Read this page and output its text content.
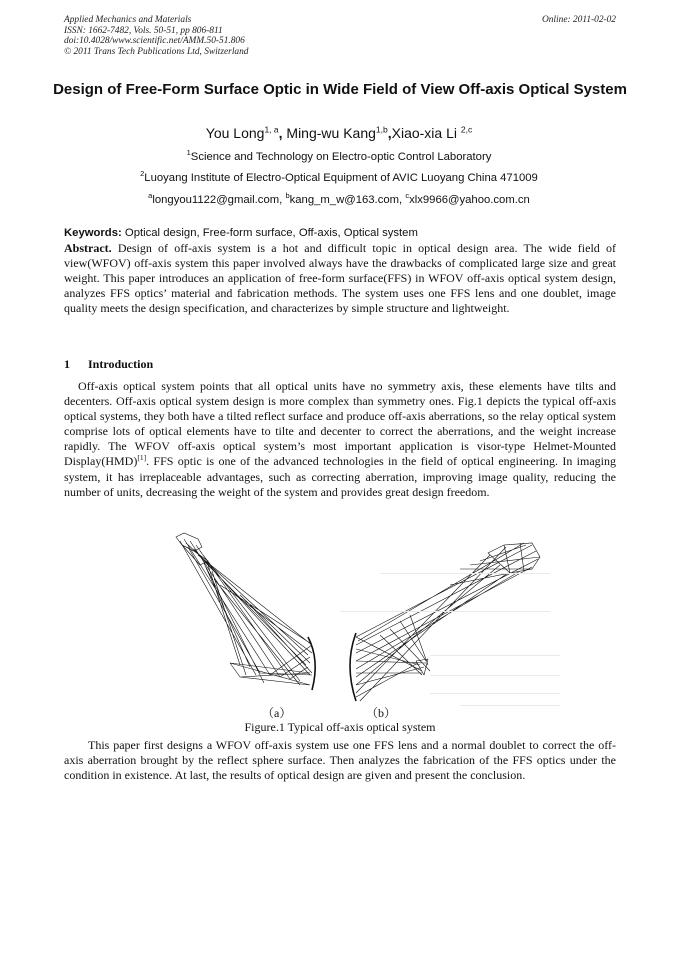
Applied Mechanics and Materials
ISSN: 1662-7482, Vols. 50-51, pp 806-811
doi:10.4028/www.scientific.net/AMM.50-51.806
© 2011 Trans Tech Publications Ltd, Switzerland
Online: 2011-02-02
Design of Free-Form Surface Optic in Wide Field of View Off-axis Optical System
You Long$^{1, a}$, Ming-wu Kang$^{1,b}$,Xiao-xia Li $^{2,c}$
$^1$Science and Technology on Electro-optic Control Laboratory
$^2$Luoyang Institute of Electro-Optical Equipment of AVIC Luoyang China 471009
$^a$longyou1122@gmail.com, $^b$kang_m_w@163.com, $^c$xlx9966@yahoo.com.cn
Keywords: Optical design, Free-form surface, Off-axis, Optical system
Abstract. Design of off-axis system is a hot and difficult topic in optical design area. The wide field of view(WFOV) off-axis system this paper involved always have the drawbacks of complicated large size and great weight. This paper introduces an application of free-form surface(FFS) in WFOV off-axis optical system design, analyzes FFS optics’ material and fabrication methods. The system uses one FFS lens and one doublet, image quality meets the design specification, and characterizes by simple structure and lightweight.
1 Introduction
Off-axis optical system points that all optical units have no symmetry axis, these elements have tilts and decenters. Off-axis optical system design is more complex than symmetry ones. Fig.1 depicts the typical off-axis optical systems, they both have a tilted reflect surface and produce off-axis aberrations, so the relay optical system comprise lots of optical elements have to tilte and decenter to correct the aberrations, and the weight increase rapidly. The WFOV off-axis optical system’s most important application is visor-type Helmet-Mounted Display(HMD)[1]. FFS optic is one of the advanced technologies in the field of optical engineering. In imaging system, it has irreplaceable advantages, such as correcting aberration, improving image quality, reducing the number of units, decreasing the weight of the system and provides great design freedom.
（a）	（b）
Figure.1 Typical off-axis optical system
This paper first designs a WFOV off-axis system use one FFS lens and a normal doublet to correct the off-axis aberration brought by the reflect sphere surface. Then analyzes the fabrication of the FFS optics under the condition in existence. At last, the results of optical design are given and present the conclusion.
